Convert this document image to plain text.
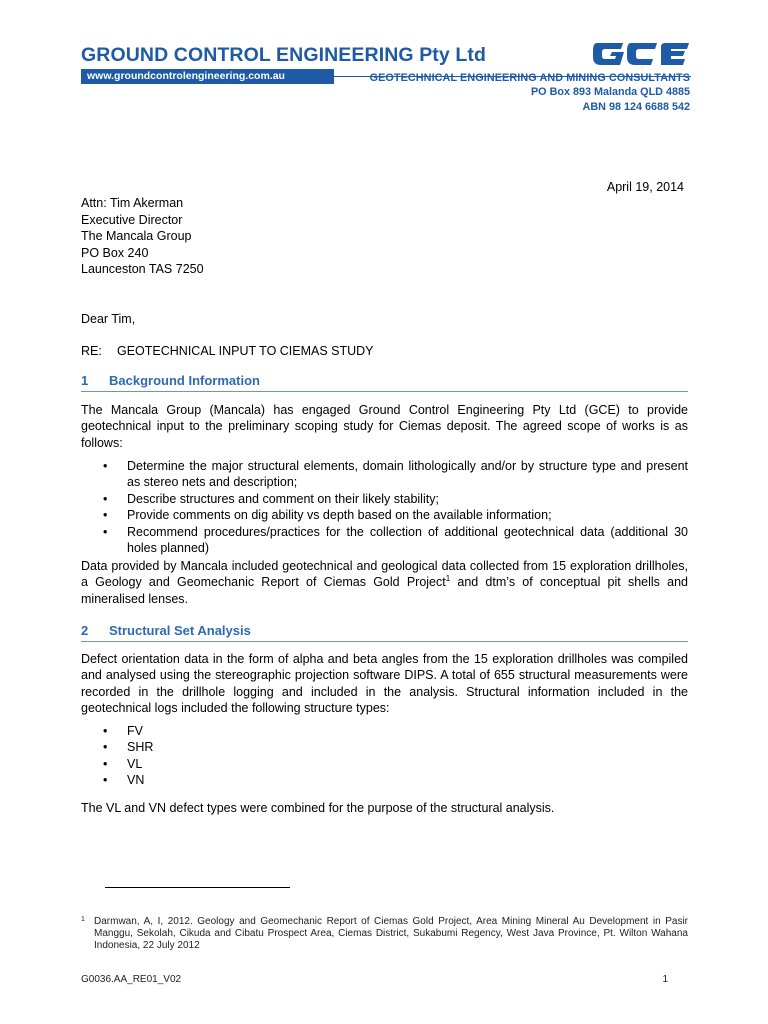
GROUND CONTROL ENGINEERING Pty Ltd
www.groundcontrolengineering.com.au
GCE
GEOTECHNICAL ENGINEERING AND MINING CONSULTANTS
PO Box 893 Malanda QLD 4885
ABN 98 124 6688 542
April 19, 2014
Attn: Tim Akerman
Executive Director
The Mancala Group
PO Box 240
Launceston TAS 7250
Dear Tim,
RE: GEOTECHNICAL INPUT TO CIEMAS STUDY
1 Background Information
The Mancala Group (Mancala) has engaged Ground Control Engineering Pty Ltd (GCE) to provide geotechnical input to the preliminary scoping study for Ciemas deposit. The agreed scope of works is as follows:
• Determine the major structural elements, domain lithologically and/or by structure type and present as stereo nets and description;
• Describe structures and comment on their likely stability;
• Provide comments on dig ability vs depth based on the available information;
• Recommend procedures/practices for the collection of additional geotechnical data (additional 30 holes planned)
Data provided by Mancala included geotechnical and geological data collected from 15 exploration drillholes, a Geology and Geomechanic Report of Ciemas Gold Project$^1$ and dtm’s of conceptual pit shells and mineralised lenses.
2 Structural Set Analysis
Defect orientation data in the form of alpha and beta angles from the 15 exploration drillholes was compiled and analysed using the stereographic projection software DIPS. A total of 655 structural measurements were recorded in the drillhole logging and included in the analysis. Structural information included in the geotechnical logs included the following structure types:
• FV
• SHR
• VL
• VN
The VL and VN defect types were combined for the purpose of the structural analysis.
1 Darmwan, A, I, 2012. Geology and Geomechanic Report of Ciemas Gold Project, Area Mining Mineral Au Development in Pasir Manggu, Sekolah, Cikuda and Cibatu Prospect Area, Ciemas District, Sukabumi Regency, West Java Province, Pt. Wilton Wahana Indonesia, 22 July 2012
G0036.AA_RE01_V02	1
